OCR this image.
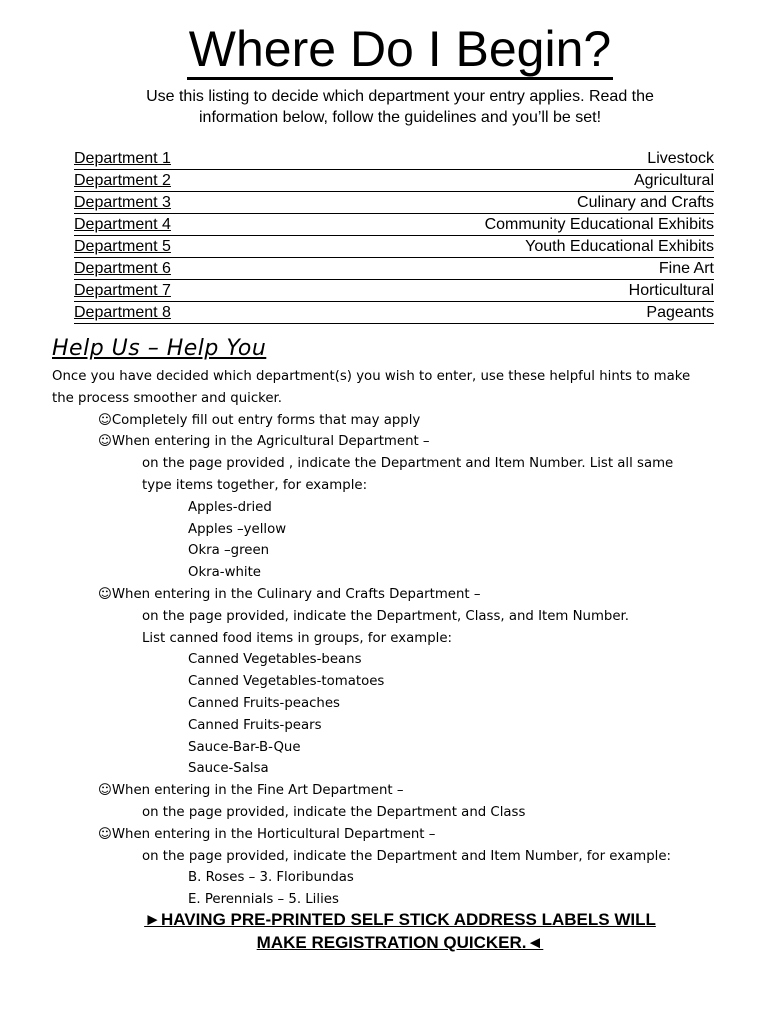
Where Do I Begin?
Use this listing to decide which department your entry applies. Read the
information below, follow the guidelines and you’ll be set!
Department 1	Livestock
Department 2	Agricultural
Department 3	Culinary and Crafts
Department 4	Community Educational Exhibits
Department 5	Youth Educational Exhibits
Department 6	Fine Art
Department 7	Horticultural
Department 8	Pageants
Help Us – Help You
Once you have decided which department(s) you wish to enter, use these helpful hints to make
the process smoother and quicker.
☺Completely fill out entry forms that may apply
☺When entering in the Agricultural Department –
on the page provided , indicate the Department and Item Number. List all same
type items together, for example:
Apples-dried
Apples –yellow
Okra –green
Okra-white
☺When entering in the Culinary and Crafts Department –
on the page provided, indicate the Department, Class, and Item Number.
List canned food items in groups, for example:
Canned Vegetables-beans
Canned Vegetables-tomatoes
Canned Fruits-peaches
Canned Fruits-pears
Sauce-Bar-B-Que
Sauce-Salsa
☺When entering in the Fine Art Department –
on the page provided, indicate the Department and Class
☺When entering in the Horticultural Department –
on the page provided, indicate the Department and Item Number, for example:
B. Roses – 3. Floribundas
E. Perennials – 5. Lilies
►HAVING PRE-PRINTED SELF STICK ADDRESS LABELS WILL
MAKE REGISTRATION QUICKER.◄
